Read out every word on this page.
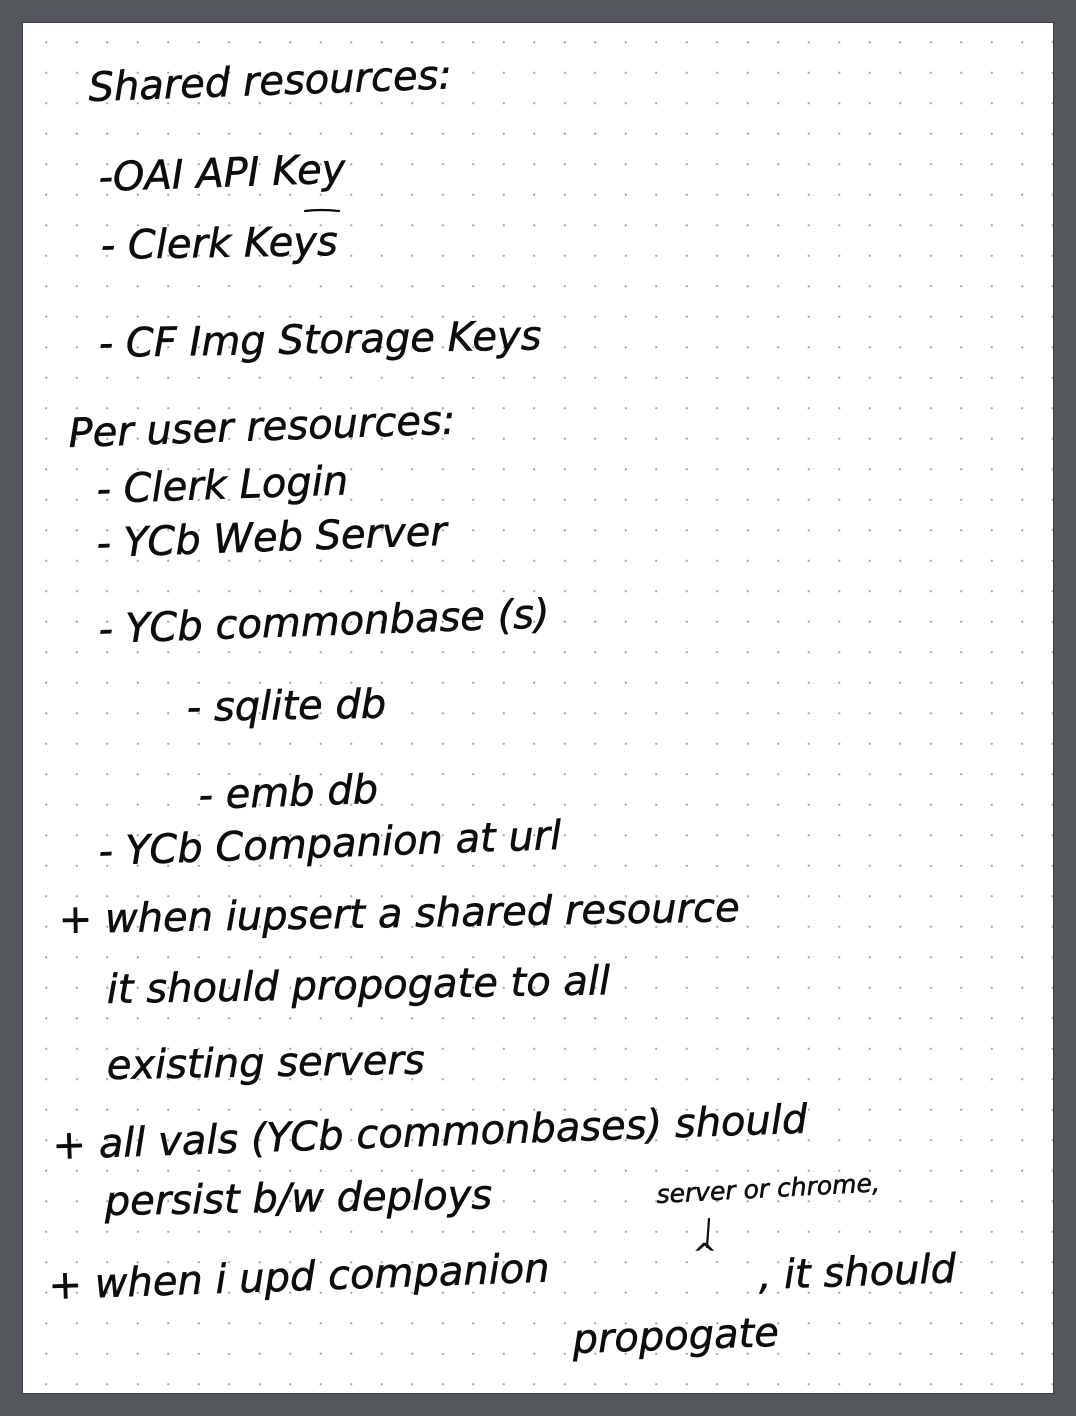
Shared resources:
-OAI API Key
- Clerk Keys
- CF Img Storage Keys
Per user resources:
- Clerk Login
- YCb Web Server
- YCb commonbase (s)
- sqlite db
- emb db
- YCb Companion at url
+ when iupsert a shared resource
it should propogate to all
existing servers
+ all vals (YCb commonbases) should
persist b/w deploys	server or chrome,
+ when i upd companion	^ , it should
propogate
